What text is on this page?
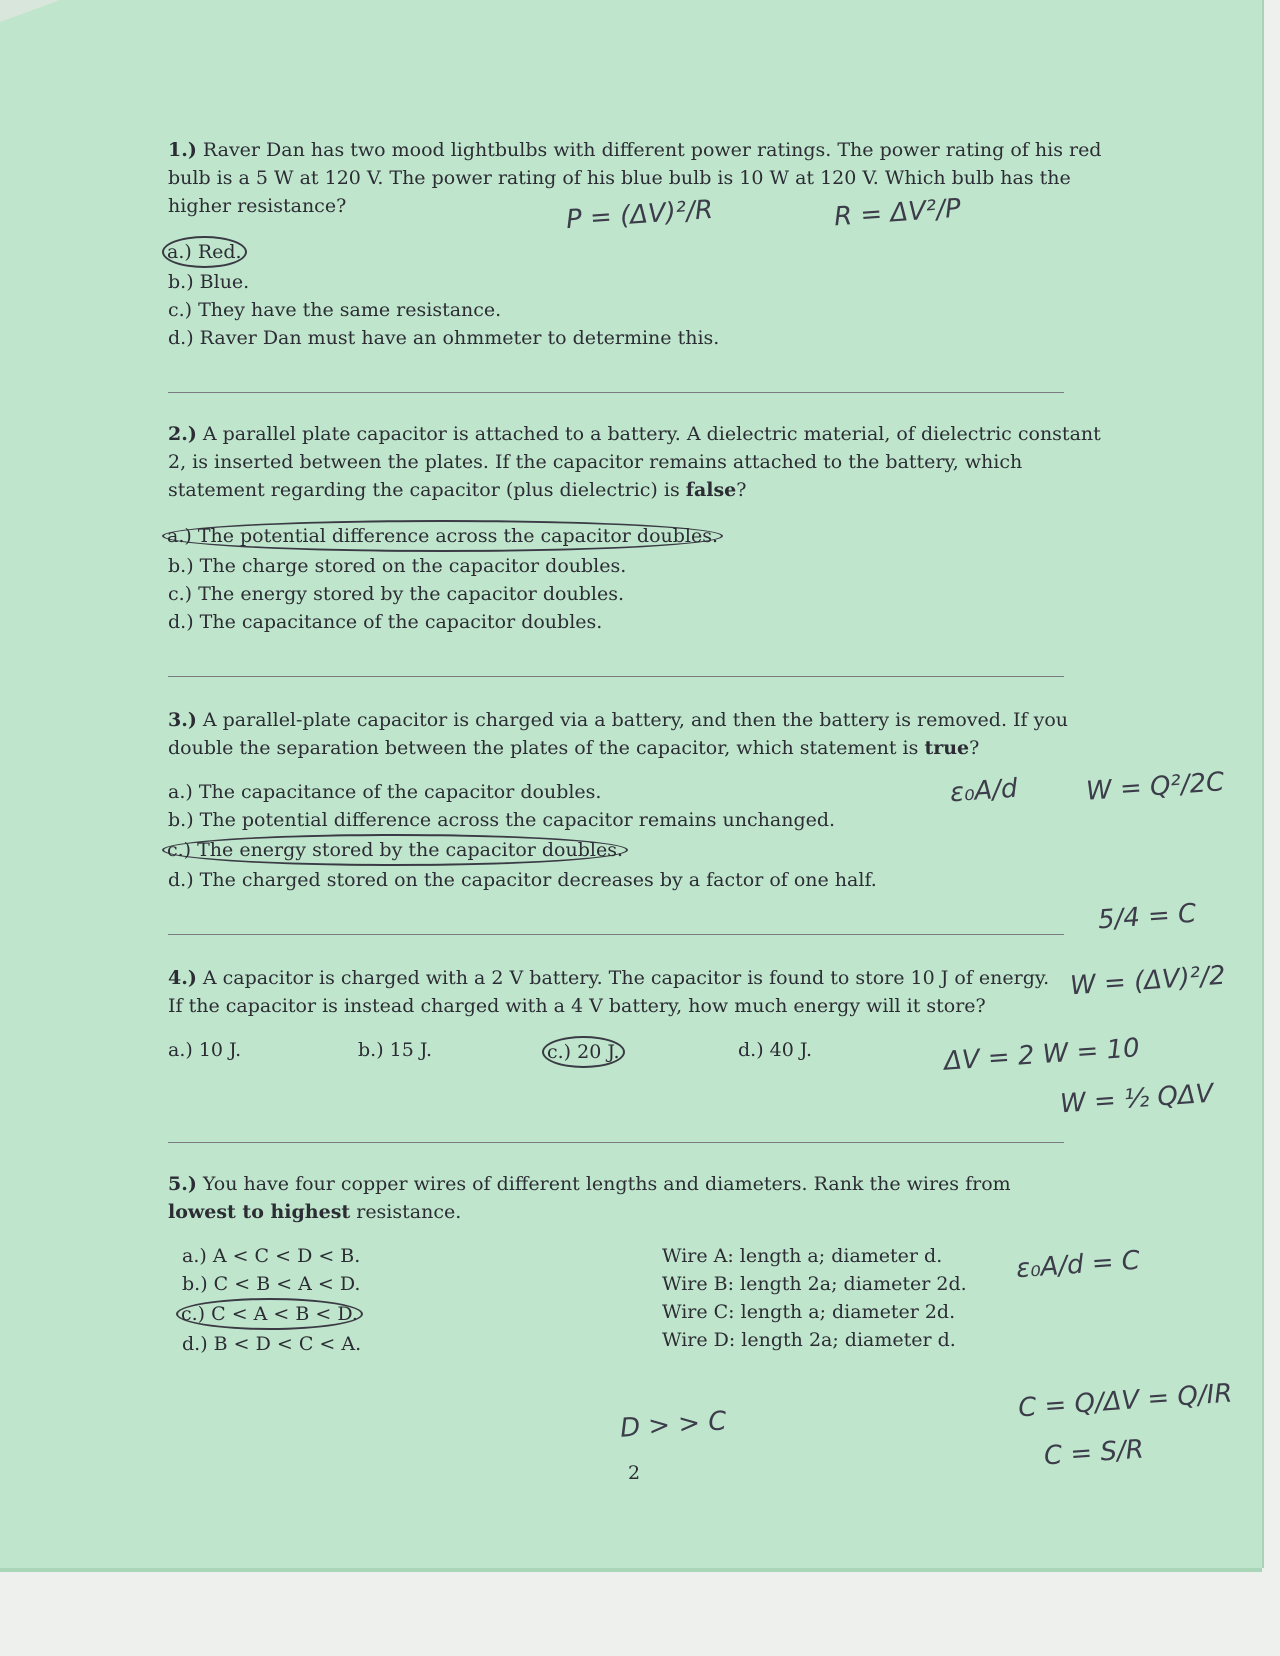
1.) Raver Dan has two mood lightbulbs with different power ratings. The power rating of his red bulb is a 5 W at 120 V. The power rating of his blue bulb is 10 W at 120 V. Which bulb has the higher resistance?

a.) Red.

b.) Blue.

c.) They have the same resistance.

d.) Raver Dan must have an ohmmeter to determine this.

2.) A parallel plate capacitor is attached to a battery. A dielectric material, of dielectric constant 2, is inserted between the plates. If the capacitor remains attached to the battery, which statement regarding the capacitor (plus dielectric) is false?

a.) The potential difference across the capacitor doubles.

b.) The charge stored on the capacitor doubles.

c.) The energy stored by the capacitor doubles.

d.) The capacitance of the capacitor doubles.

3.) A parallel-plate capacitor is charged via a battery, and then the battery is removed. If you double the separation between the plates of the capacitor, which statement is true?

a.) The capacitance of the capacitor doubles.

b.) The potential difference across the capacitor remains unchanged.

c.) The energy stored by the capacitor doubles.

d.) The charged stored on the capacitor decreases by a factor of one half.

4.) A capacitor is charged with a 2 V battery. The capacitor is found to store 10 J of energy. If the capacitor is instead charged with a 4 V battery, how much energy will it store?

a.) 10 J.	b.) 15 J.	c.) 20 J.	d.) 40 J.

5.) You have four copper wires of different lengths and diameters. Rank the wires from lowest to highest resistance.

a.) A < C < D < B.

b.) C < B < A < D.

c.) C < A < B < D.

d.) B < D < C < A.

Wire A: length a; diameter d.

Wire B: length 2a; diameter 2d.

Wire C: length a; diameter 2d.

Wire D: length 2a; diameter d.

2
P = (ΔV)²/R	R = ΔV²/P
ε₀A/d	W = Q²/2C
5/4 = C
W = (ΔV)²/2
ΔV = 2 W = 10
W = ½ QΔV
ε₀A/d = C
C = Q/ΔV = Q/IR
C = S/R
D > > C
